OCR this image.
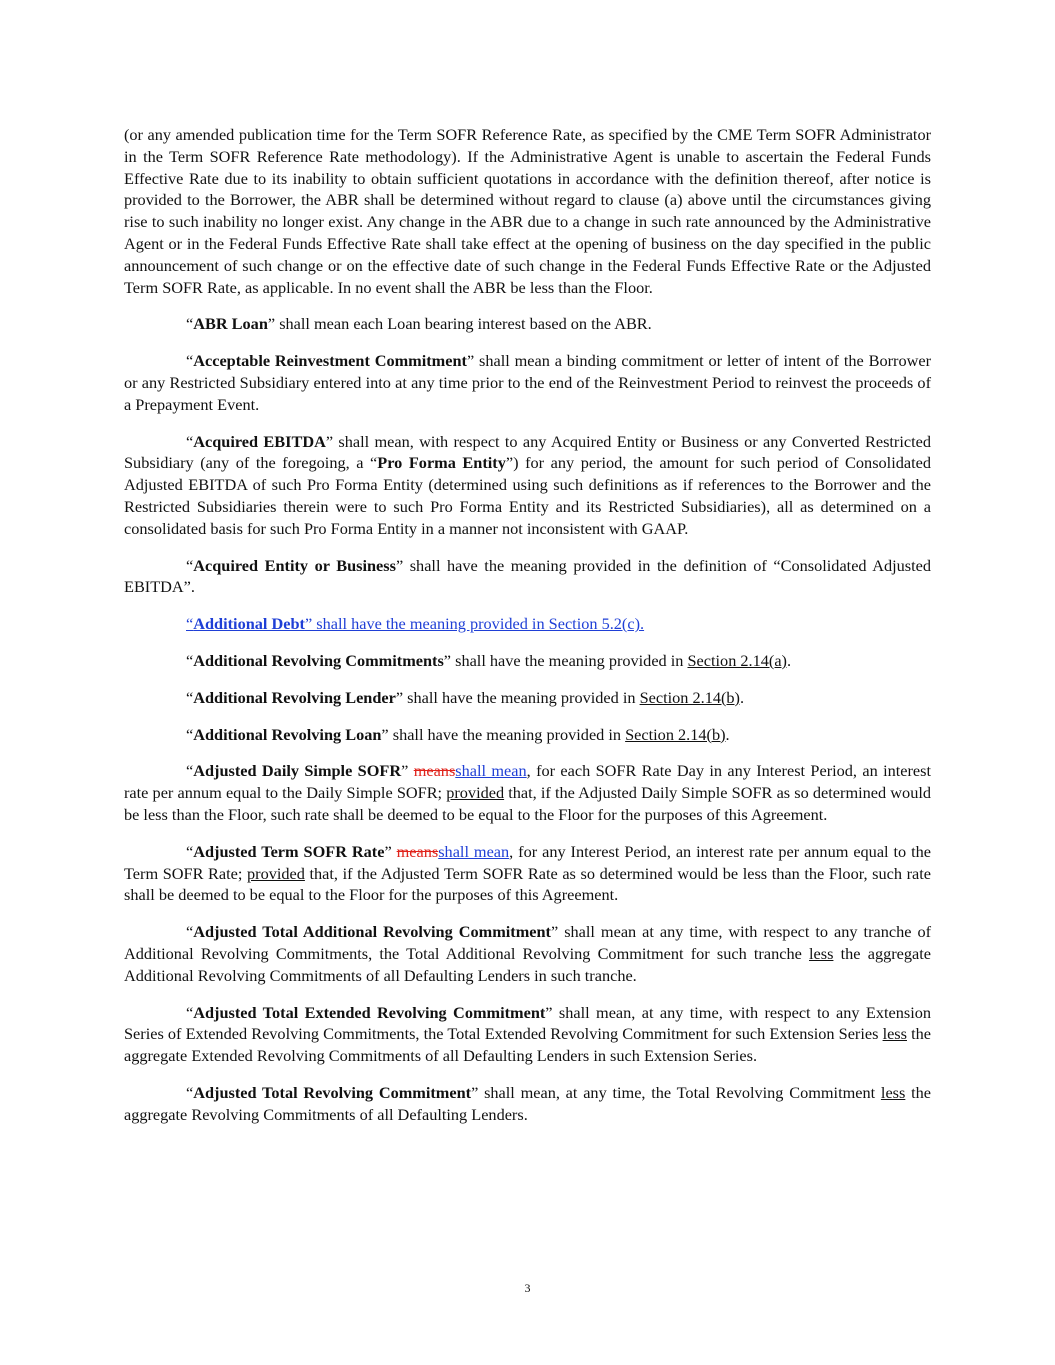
(or any amended publication time for the Term SOFR Reference Rate, as specified by the CME Term SOFR Administrator in the Term SOFR Reference Rate methodology). If the Administrative Agent is unable to ascertain the Federal Funds Effective Rate due to its inability to obtain sufficient quotations in accordance with the definition thereof, after notice is provided to the Borrower, the ABR shall be determined without regard to clause (a) above until the circumstances giving rise to such inability no longer exist. Any change in the ABR due to a change in such rate announced by the Administrative Agent or in the Federal Funds Effective Rate shall take effect at the opening of business on the day specified in the public announcement of such change or on the effective date of such change in the Federal Funds Effective Rate or the Adjusted Term SOFR Rate, as applicable. In no event shall the ABR be less than the Floor.

“ABR Loan” shall mean each Loan bearing interest based on the ABR.

“Acceptable Reinvestment Commitment” shall mean a binding commitment or letter of intent of the Borrower or any Restricted Subsidiary entered into at any time prior to the end of the Reinvestment Period to reinvest the proceeds of a Prepayment Event.

“Acquired EBITDA” shall mean, with respect to any Acquired Entity or Business or any Converted Restricted Subsidiary (any of the foregoing, a “Pro Forma Entity”) for any period, the amount for such period of Consolidated Adjusted EBITDA of such Pro Forma Entity (determined using such definitions as if references to the Borrower and the Restricted Subsidiaries therein were to such Pro Forma Entity and its Restricted Subsidiaries), all as determined on a consolidated basis for such Pro Forma Entity in a manner not inconsistent with GAAP.

“Acquired Entity or Business” shall have the meaning provided in the definition of “Consolidated Adjusted EBITDA”.

“Additional Debt” shall have the meaning provided in Section 5.2(c).

“Additional Revolving Commitments” shall have the meaning provided in Section 2.14(a).

“Additional Revolving Lender” shall have the meaning provided in Section 2.14(b).

“Additional Revolving Loan” shall have the meaning provided in Section 2.14(b).

“Adjusted Daily Simple SOFR” meansshall mean, for each SOFR Rate Day in any Interest Period, an interest rate per annum equal to the Daily Simple SOFR; provided that, if the Adjusted Daily Simple SOFR as so determined would be less than the Floor, such rate shall be deemed to be equal to the Floor for the purposes of this Agreement.

“Adjusted Term SOFR Rate” meansshall mean, for any Interest Period, an interest rate per annum equal to the Term SOFR Rate; provided that, if the Adjusted Term SOFR Rate as so determined would be less than the Floor, such rate shall be deemed to be equal to the Floor for the purposes of this Agreement.

“Adjusted Total Additional Revolving Commitment” shall mean at any time, with respect to any tranche of Additional Revolving Commitments, the Total Additional Revolving Commitment for such tranche less the aggregate Additional Revolving Commitments of all Defaulting Lenders in such tranche.

“Adjusted Total Extended Revolving Commitment” shall mean, at any time, with respect to any Extension Series of Extended Revolving Commitments, the Total Extended Revolving Commitment for such Extension Series less the aggregate Extended Revolving Commitments of all Defaulting Lenders in such Extension Series.

“Adjusted Total Revolving Commitment” shall mean, at any time, the Total Revolving Commitment less the aggregate Revolving Commitments of all Defaulting Lenders.

3
